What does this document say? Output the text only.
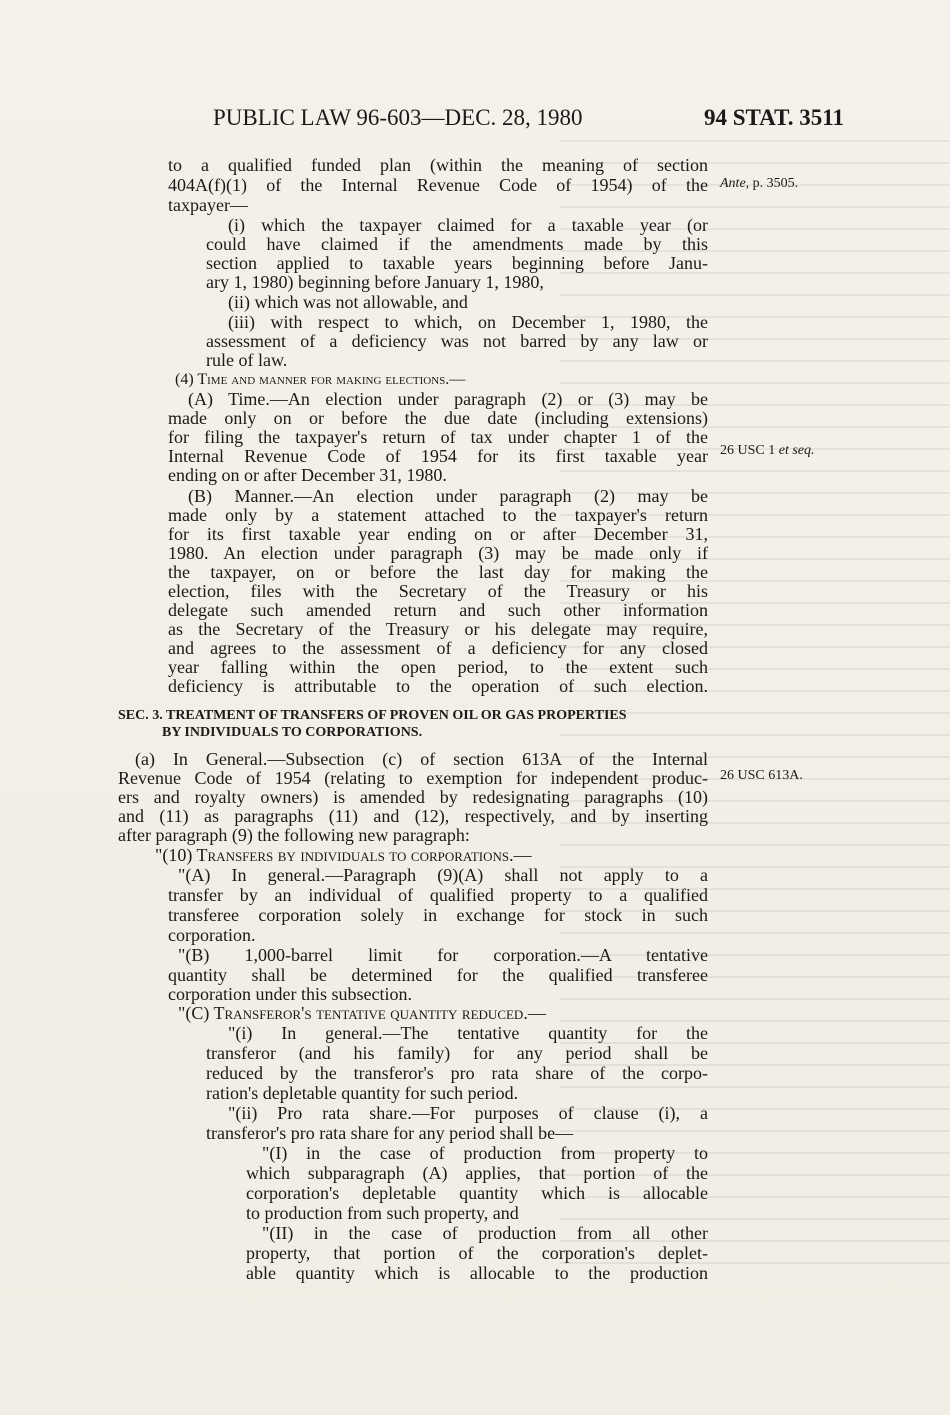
PUBLIC LAW 96-603—DEC. 28, 1980	94 STAT. 3511
Ante, p. 3505.
26 USC 1 et seq.
26 USC 613A.
to a qualified funded plan (within the meaning of section
404A(f)(1) of the Internal Revenue Code of 1954) of the
taxpayer—
(i) which the taxpayer claimed for a taxable year (or
could have claimed if the amendments made by this
section applied to taxable years beginning before Janu-
ary 1, 1980) beginning before January 1, 1980,
(ii) which was not allowable, and
(iii) with respect to which, on December 1, 1980, the
assessment of a deficiency was not barred by any law or
rule of law.
(4) Time and manner for making elections.—
(A) Time.—An election under paragraph (2) or (3) may be
made only on or before the due date (including extensions)
for filing the taxpayer's return of tax under chapter 1 of the
Internal Revenue Code of 1954 for its first taxable year
ending on or after December 31, 1980.
(B) Manner.—An election under paragraph (2) may be
made only by a statement attached to the taxpayer's return
for its first taxable year ending on or after December 31,
1980. An election under paragraph (3) may be made only if
the taxpayer, on or before the last day for making the
election, files with the Secretary of the Treasury or his
delegate such amended return and such other information
as the Secretary of the Treasury or his delegate may require,
and agrees to the assessment of a deficiency for any closed
year falling within the open period, to the extent such
deficiency is attributable to the operation of such election.
SEC. 3. TREATMENT OF TRANSFERS OF PROVEN OIL OR GAS PROPERTIES
BY INDIVIDUALS TO CORPORATIONS.
(a) In General.—Subsection (c) of section 613A of the Internal
Revenue Code of 1954 (relating to exemption for independent produc-
ers and royalty owners) is amended by redesignating paragraphs (10)
and (11) as paragraphs (11) and (12), respectively, and by inserting
after paragraph (9) the following new paragraph:
"(10) Transfers by individuals to corporations.—
"(A) In general.—Paragraph (9)(A) shall not apply to a
transfer by an individual of qualified property to a qualified
transferee corporation solely in exchange for stock in such
corporation.
"(B) 1,000-barrel limit for corporation.—A tentative
quantity shall be determined for the qualified transferee
corporation under this subsection.
"(C) Transferor's tentative quantity reduced.—
"(i) In general.—The tentative quantity for the
transferor (and his family) for any period shall be
reduced by the transferor's pro rata share of the corpo-
ration's depletable quantity for such period.
"(ii) Pro rata share.—For purposes of clause (i), a
transferor's pro rata share for any period shall be—
"(I) in the case of production from property to
which subparagraph (A) applies, that portion of the
corporation's depletable quantity which is allocable
to production from such property, and
"(II) in the case of production from all other
property, that portion of the corporation's deplet-
able quantity which is allocable to the production
